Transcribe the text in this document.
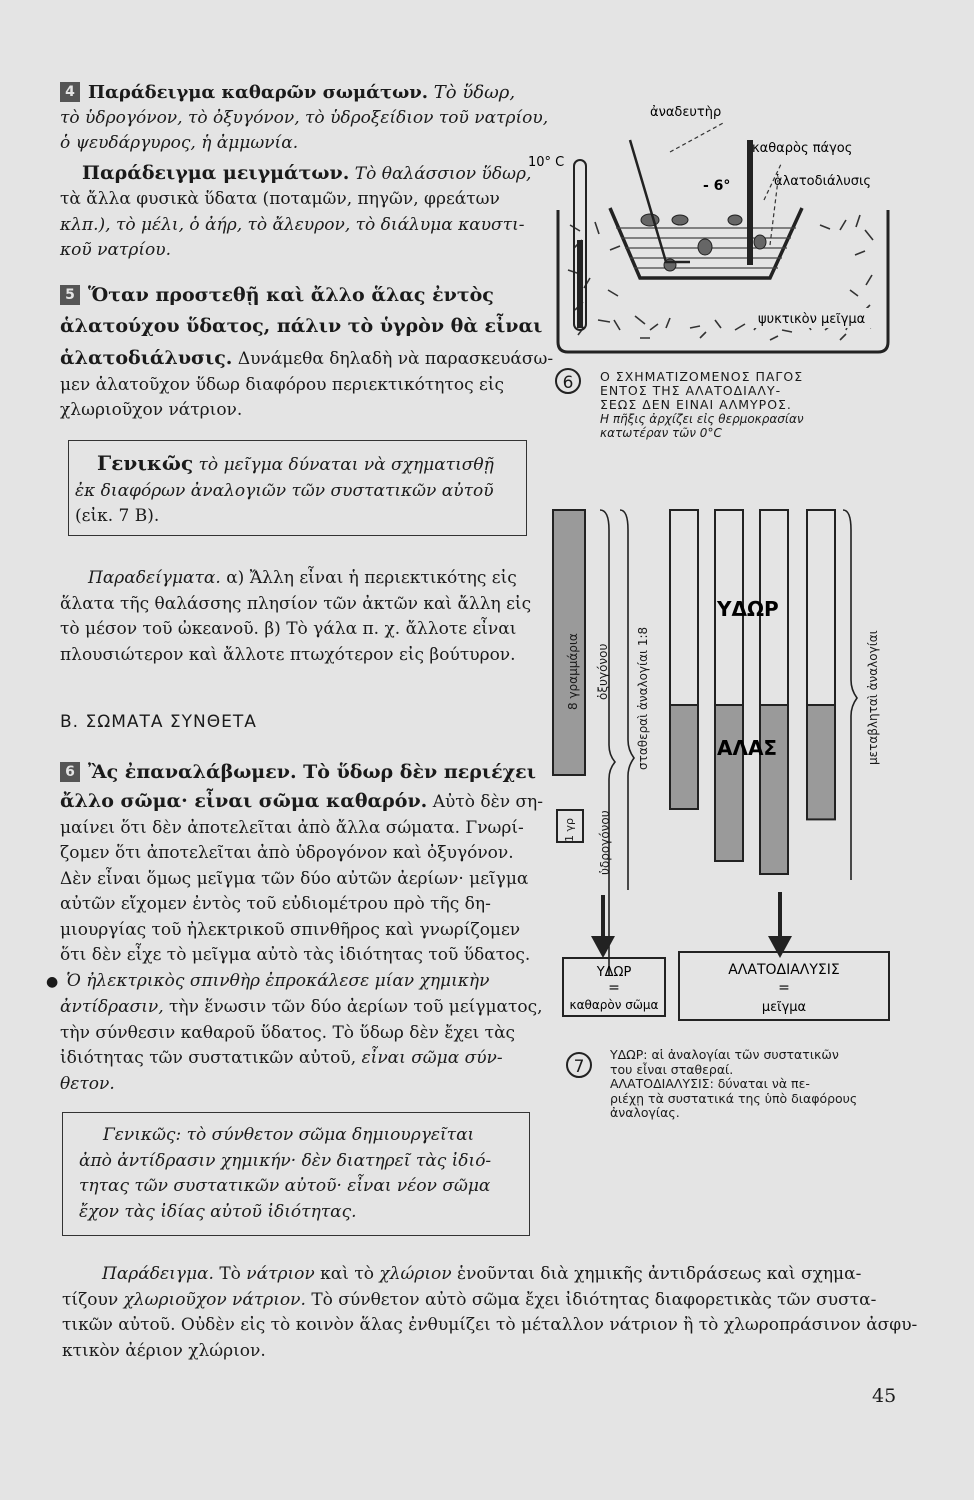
4 Παράδειγμα καθαρῶν σωμάτων. Τὸ ὕδωρ,
τὸ ὑδρογόνον, τὸ ὀξυγόνον, τὸ ὑδροξείδιον τοῦ νατρίου,
ὁ ψευδάργυρος, ἡ ἀμμωνία.
Παράδειγμα μειγμάτων. Τὸ θαλάσσιον ὕδωρ,
τὰ ἄλλα φυσικὰ ὕδατα (ποταμῶν, πηγῶν, φρεάτων
κλπ.), τὸ μέλι, ὁ ἀήρ, τὸ ἄλευρον, τὸ διάλυμα καυστι-
κοῦ νατρίου.
5 Ὅταν προστεθῇ καὶ ἄλλο ἅλας ἐντὸς
ἁλατούχου ὕδατος, πάλιν τὸ ὑγρὸν θὰ εἶναι
ἁλατοδιάλυσις. Δυνάμεθα δηλαδὴ νὰ παρασκευάσω-
μεν ἁλατοῦχον ὕδωρ διαφόρου περιεκτικότητος εἰς
χλωριοῦχον νάτριον.
Γενικῶς τὸ μεῖγμα δύναται νὰ σχηματισθῇ
ἐκ διαφόρων ἀναλογιῶν τῶν συστατικῶν αὐτοῦ
(εἰκ. 7 Β).
Παραδείγματα. α) Ἄλλη εἶναι ἡ περιεκτικότης εἰς
ἅλατα τῆς θαλάσσης πλησίον τῶν ἀκτῶν καὶ ἄλλη εἰς
τὸ μέσον τοῦ ὠκεανοῦ. β) Τὸ γάλα π. χ. ἄλλοτε εἶναι
πλουσιώτερον καὶ ἄλλοτε πτωχότερον εἰς βούτυρον.
Β. ΣΩΜΑΤΑ ΣΥΝΘΕΤΑ
6 Ἂς ἐπαναλάβωμεν. Τὸ ὕδωρ δὲν περιέχει
ἄλλο σῶμα· εἶναι σῶμα καθαρόν. Αὐτὸ δὲν ση-
μαίνει ὅτι δὲν ἀποτελεῖται ἀπὸ ἄλλα σώματα. Γνωρί-
ζομεν ὅτι ἀποτελεῖται ἀπὸ ὑδρογόνον καὶ ὀξυγόνον.
Δὲν εἶναι ὅμως μεῖγμα τῶν δύο αὐτῶν ἀερίων· μεῖγμα
αὐτῶν εἴχομεν ἐντὸς τοῦ εὐδιομέτρου πρὸ τῆς δη-
μιουργίας τοῦ ἠλεκτρικοῦ σπινθῆρος καὶ γνωρίζομεν
ὅτι δὲν εἶχε τὸ μεῖγμα αὐτὸ τὰς ἰδιότητας τοῦ ὕδατος.
● Ὁ ἠλεκτρικὸς σπινθὴρ ἐπροκάλεσε μίαν χημικὴν
ἀντίδρασιν, τὴν ἕνωσιν τῶν δύο ἀερίων τοῦ μείγματος,
τὴν σύνθεσιν καθαροῦ ὕδατος. Τὸ ὕδωρ δὲν ἔχει τὰς
ἰδιότητας τῶν συστατικῶν αὐτοῦ, εἶναι σῶμα σύν-
θετον.
Γενικῶς: τὸ σύνθετον σῶμα δημιουργεῖται
ἀπὸ ἀντίδρασιν χημικήν· δὲν διατηρεῖ τὰς ἰδιό-
τητας τῶν συστατικῶν αὐτοῦ· εἶναι νέον σῶμα
ἔχον τὰς ἰδίας αὐτοῦ ἰδιότητας.
10° C
- 6°
ἀναδευτὴρ
καθαρὸς πάγος
ἁλατοδιάλυσις
ψυκτικὸν μεῖγμα
6	Ο ΣΧΗΜΑΤΙΖΟΜΕΝΟΣ ΠΑΓΟΣ
ΕΝΤΟΣ ΤΗΣ ΑΛΑΤΟΔΙΑΛΥ-
ΣΕΩΣ ΔΕΝ ΕΙΝΑΙ ΑΛΜΥΡΟΣ.
Η πῆξις ἀρχίζει εἰς θερμοκρασίαν
κατωτέραν τῶν 0°C
ΥΔΩΡ
ΑΛΑΣ
ΥΔΩΡ
=
καθαρὸν σῶμα
ΑΛΑΤΟΔΙΑΛΥΣΙΣ
=
μεῖγμα
8 γραμμάρια
1 γρ
ὀξυγόνου
ὑδρογόνου
σταθεραὶ ἀναλογίαι 1:8	μεταβληταὶ ἀναλογίαι
7
ΥΔΩΡ: αἱ ἀναλογίαι τῶν συστατικῶν
του εἶναι σταθεραί.
ΑΛΑΤΟΔΙΑΛΥΣΙΣ: δύναται νὰ πε-
ριέχῃ τὰ συστατικά της ὑπὸ διαφόρους
ἀναλογίας.
Παράδειγμα. Τὸ νάτριον καὶ τὸ χλώριον ἑνοῦνται διὰ χημικῆς ἀντιδράσεως καὶ σχημα-
τίζουν χλωριοῦχον νάτριον. Τὸ σύνθετον αὐτὸ σῶμα ἔχει ἰδιότητας διαφορετικὰς τῶν συστα-
τικῶν αὐτοῦ. Οὐδὲν εἰς τὸ κοινὸν ἅλας ἐνθυμίζει τὸ μέταλλον νάτριον ἢ τὸ χλωροπράσινον ἀσφυ-
κτικὸν ἀέριον χλώριον.
45
